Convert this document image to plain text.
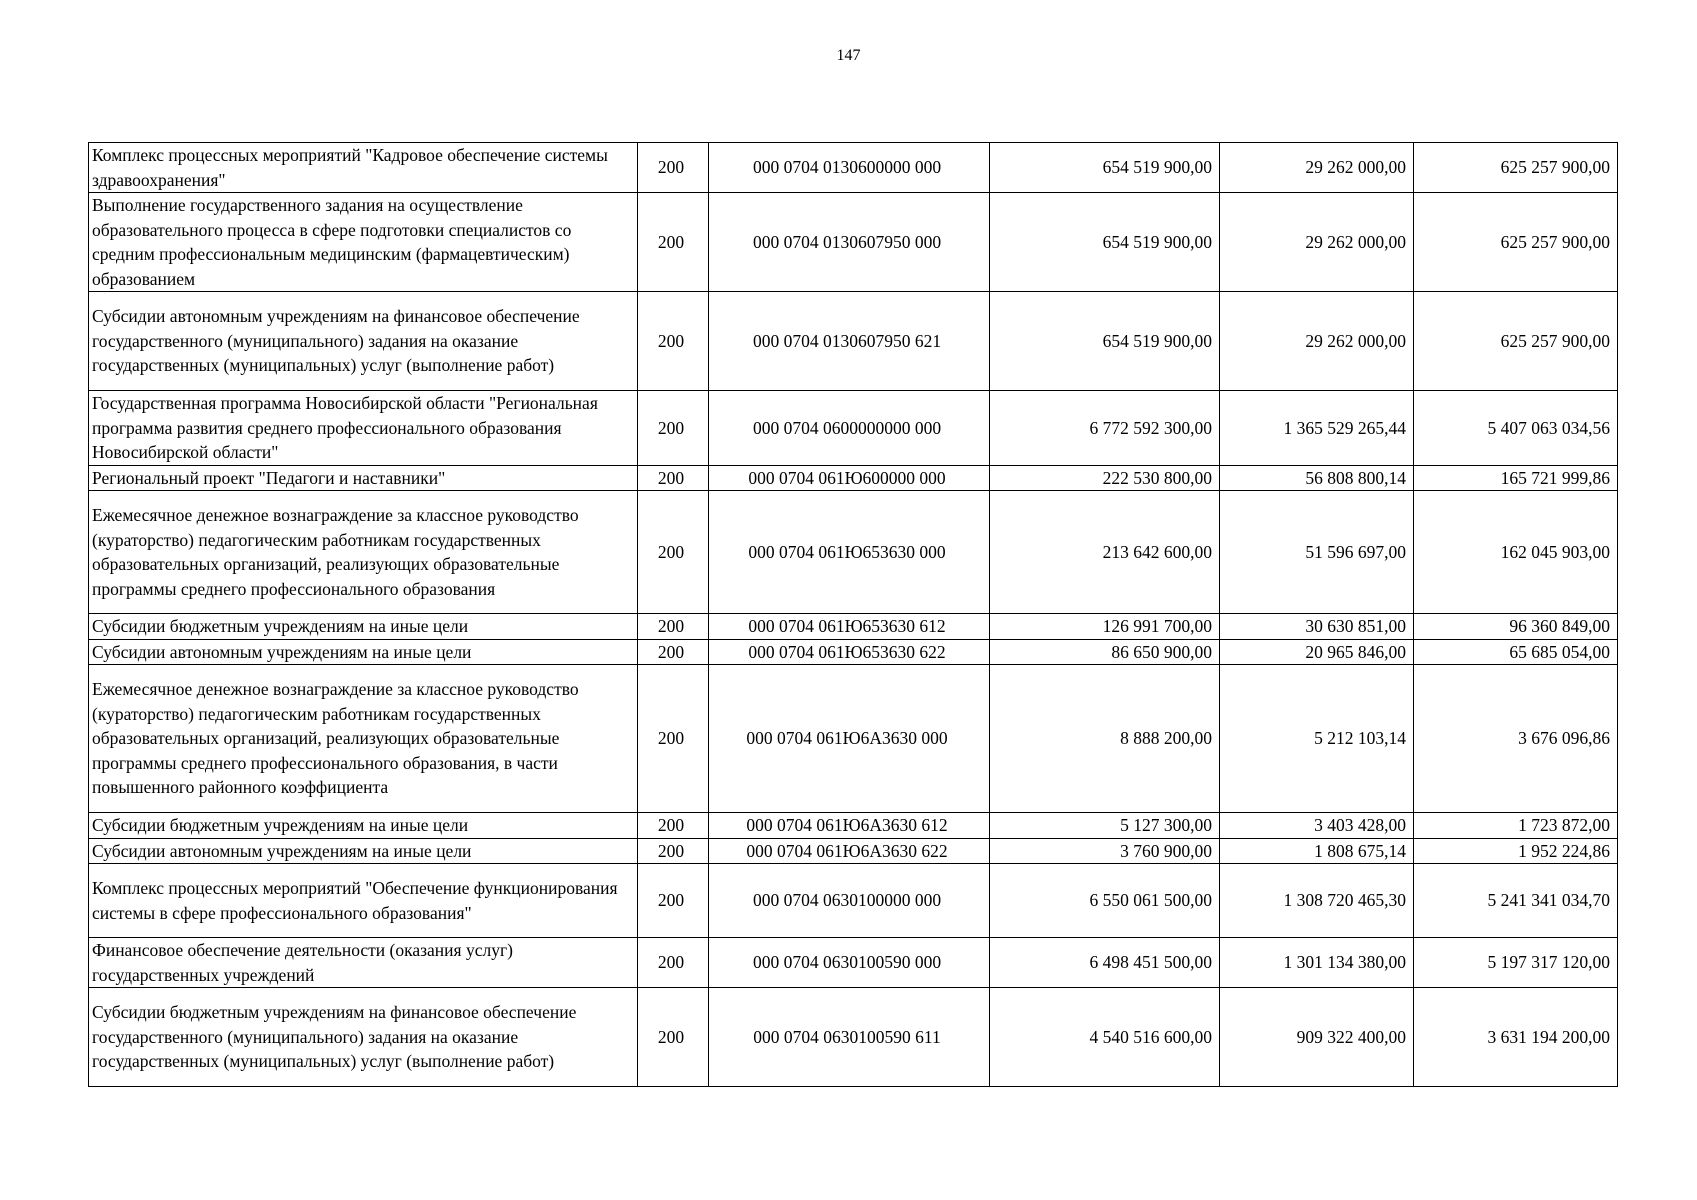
147
Комплекс процессных мероприятий "Кадровое обеспечение системы здравоохранения"	200	000 0704 0130600000 000	654 519 900,00	29 262 000,00	625 257 900,00
Выполнение государственного задания на осуществление образовательного процесса в сфере подготовки специалистов со средним профессиональным медицинским (фармацевтическим) образованием	200	000 0704 0130607950 000	654 519 900,00	29 262 000,00	625 257 900,00
Субсидии автономным учреждениям на финансовое обеспечение государственного (муниципального) задания на оказание государственных (муниципальных) услуг (выполнение работ)	200	000 0704 0130607950 621	654 519 900,00	29 262 000,00	625 257 900,00
Государственная программа Новосибирской области "Региональная программа развития среднего профессионального образования Новосибирской области"	200	000 0704 0600000000 000	6 772 592 300,00	1 365 529 265,44	5 407 063 034,56
Региональный проект "Педагоги и наставники"	200	000 0704 061Ю600000 000	222 530 800,00	56 808 800,14	165 721 999,86
Ежемесячное денежное вознаграждение за классное руководство (кураторство) педагогическим работникам государственных образовательных организаций, реализующих образовательные программы среднего профессионального образования	200	000 0704 061Ю653630 000	213 642 600,00	51 596 697,00	162 045 903,00
Субсидии бюджетным учреждениям на иные цели	200	000 0704 061Ю653630 612	126 991 700,00	30 630 851,00	96 360 849,00
Субсидии автономным учреждениям на иные цели	200	000 0704 061Ю653630 622	86 650 900,00	20 965 846,00	65 685 054,00

Ежемесячное денежное вознаграждение за классное руководство (кураторство) педагогическим работникам государственных образовательных организаций, реализующих образовательные программы среднего профессионального образования, в части повышенного районного коэффициента	200	000 0704 061Ю6А3630 000	8 888 200,00	5 212 103,14	3 676 096,86
Субсидии бюджетным учреждениям на иные цели	200	000 0704 061Ю6А3630 612	5 127 300,00	3 403 428,00	1 723 872,00
Субсидии автономным учреждениям на иные цели	200	000 0704 061Ю6А3630 622	3 760 900,00	1 808 675,14	1 952 224,86
Комплекс процессных мероприятий "Обеспечение функционирования системы в сфере профессионального образования"	200	000 0704 0630100000 000	6 550 061 500,00	1 308 720 465,30	5 241 341 034,70
Финансовое обеспечение деятельности (оказания услуг) государственных учреждений	200	000 0704 0630100590 000	6 498 451 500,00	1 301 134 380,00	5 197 317 120,00
Субсидии бюджетным учреждениям на финансовое обеспечение государственного (муниципального) задания на оказание государственных (муниципальных) услуг (выполнение работ)	200	000 0704 0630100590 611	4 540 516 600,00	909 322 400,00	3 631 194 200,00
